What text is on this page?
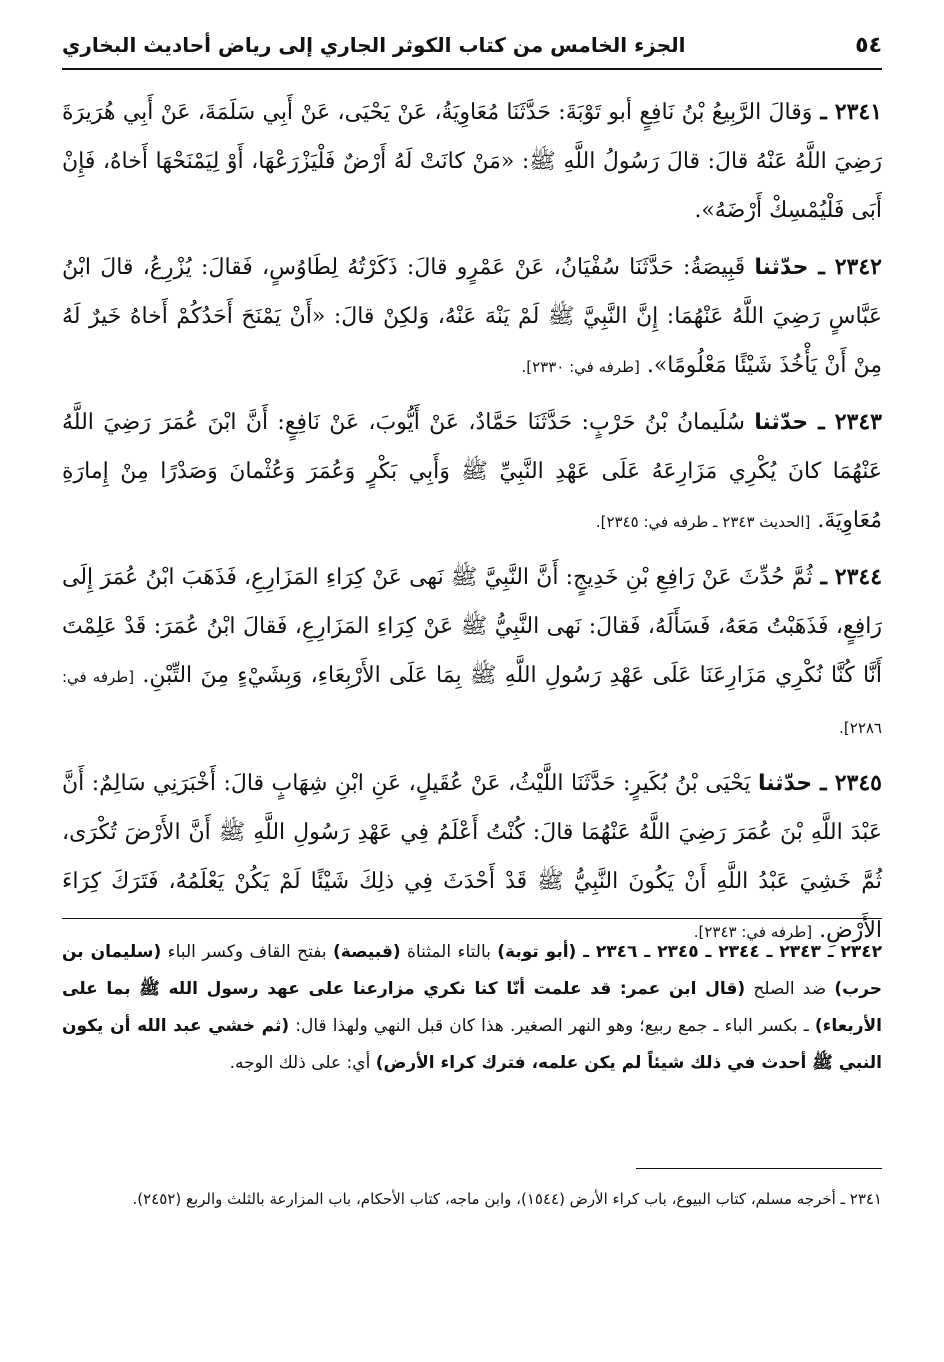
٥٤
الجزء الخامس من كتاب الكوثر الجاري إلى رياض أحاديث البخاري

٢٣٤١ ـ وَقالَ الرَّبِيعُ بْنُ نَافِعٍ أبو تَوْبَةَ: حَدَّثَنَا مُعَاوِيَةُ، عَنْ يَحْيَى، عَنْ أَبِي سَلَمَةَ، عَنْ أَبِي هُرَيرَةَ رَضِيَ اللَّهُ عَنْهُ قالَ: قالَ رَسُولُ اللَّهِ ﷺ: «مَنْ كانَتْ لَهُ أَرْضٌ فَلْيَزْرَعْهَا، أَوْ لِيَمْنَحْهَا أَخاهُ، فَإِنْ أَبَى فَلْيُمْسِكْ أَرْضَهُ».

٢٣٤٢ ـ حدّثنا قَبِيصَةُ: حَدَّثَنَا سُفْيَانُ، عَنْ عَمْرٍو قالَ: ذَكَرْتُهُ لِطَاوُسٍ، فَقالَ: يُزْرِعُ، قالَ ابْنُ عَبَّاسٍ رَضِيَ اللَّهُ عَنْهُمَا: إِنَّ النَّبِيَّ ﷺ لَمْ يَنْهَ عَنْهُ، وَلكِنْ قالَ: «أَنْ يَمْنَحَ أَحَدُكُمْ أَخاهُ خَيرٌ لَهُ مِنْ أَنْ يَأْخُذَ شَيْئًا مَعْلُومًا». [طرفه في: ٢٣٣٠].

٢٣٤٣ ـ حدّثنا سُلَيمانُ بْنُ حَرْبٍ: حَدَّثَنَا حَمَّادٌ، عَنْ أَيُّوبَ، عَنْ نَافِعٍ: أَنَّ ابْنَ عُمَرَ رَضِيَ اللَّهُ عَنْهُمَا كانَ يُكْرِي مَزَارِعَهُ عَلَى عَهْدِ النَّبِيِّ ﷺ وَأَبِي بَكْرٍ وَعُمَرَ وَعُثْمانَ وَصَدْرًا مِنْ إِمارَةِ مُعَاوِيَةَ. [الحديث ٢٣٤٣ ـ طرفه في: ٢٣٤٥].

٢٣٤٤ ـ ثُمَّ حُدِّثَ عَنْ رَافِعِ بْنِ خَدِيجٍ: أَنَّ النَّبِيَّ ﷺ نَهى عَنْ كِرَاءِ المَزَارِعِ، فَذَهَبَ ابْنُ عُمَرَ إِلَى رَافِعٍ، فَذَهَبْتُ مَعَهُ، فَسَأَلَهُ، فَقالَ: نَهى النَّبِيُّ ﷺ عَنْ كِرَاءِ المَزَارِعِ، فَقالَ ابْنُ عُمَرَ: قَدْ عَلِمْتَ أَنَّا كُنَّا نُكْرِي مَزَارِعَنَا عَلَى عَهْدِ رَسُولِ اللَّهِ ﷺ بِمَا عَلَى الأَرْبِعَاءِ، وَبِشَيْءٍ مِنَ التِّبْنِ. [طرفه في: ٢٢٨٦].

٢٣٤٥ ـ حدّثنا يَحْيَى بْنُ بُكَيرٍ: حَدَّثَنَا اللَّيْثُ، عَنْ عُقَيلٍ، عَنِ ابْنِ شِهَابٍ قالَ: أَخْبَرَنِي سَالِمٌ: أَنَّ عَبْدَ اللَّهِ بْنَ عُمَرَ رَضِيَ اللَّهُ عَنْهُمَا قالَ: كُنْتُ أَعْلَمُ فِي عَهْدِ رَسُولِ اللَّهِ ﷺ أَنَّ الأَرْضَ تُكْرَى، ثُمَّ خَشِيَ عَبْدُ اللَّهِ أَنْ يَكُونَ النَّبِيُّ ﷺ قَدْ أَحْدَثَ فِي ذلِكَ شَيْئًا لَمْ يَكُنْ يَعْلَمُهُ، فَتَرَكَ كِرَاءَ الأَرْضِ. [طرفه في: ٢٣٤٣].

٢٣٤٢ ـ ٢٣٤٣ ـ ٢٣٤٤ ـ ٢٣٤٥ ـ ٢٣٤٦ ـ (أبو توبة) بالتاء المثناة (قبيصة) بفتح القاف وكسر الباء (سليمان بن حرب) ضد الصلح (قال ابن عمر: قد علمت أنّا كنا نكري مزارعنا على عهد رسول الله ﷺ بما على الأربعاء) ـ بكسر الباء ـ جمع ربيع؛ وهو النهر الصغير. هذا كان قبل النهي ولهذا قال: (ثم خشي عبد الله أن يكون النبي ﷺ أحدث في ذلك شيئاً لم يكن علمه، فترك كراء الأرض) أي: على ذلك الوجه.
٢٣٤١ ـ أخرجه مسلم، كتاب البيوع، باب كراء الأرض (١٥٤٤)، وابن ماجه، كتاب الأحكام، باب المزارعة بالثلث والربع (٢٤٥٢).
